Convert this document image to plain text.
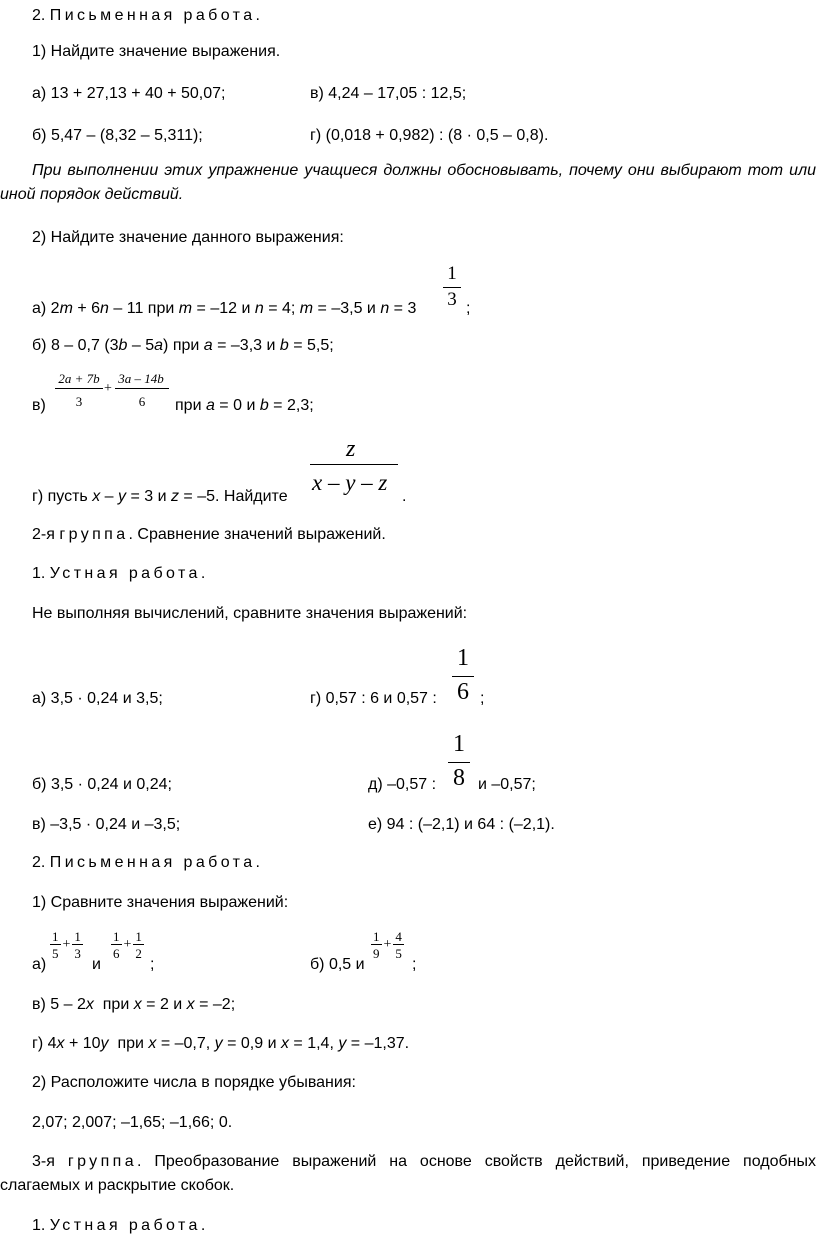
2. Письменная работа.
1) Найдите значение выражения.
а) 13 + 27,13 + 40 + 50,07;	в) 4,24 – 17,05 : 12,5;
б) 5,47 – (8,32 – 5,311);	г) (0,018 + 0,982) : (8 · 0,5 – 0,8).
При выполнении этих упражнение учащиеся должны обосновывать, почему они выбирают тот или иной порядок действий.
2) Найдите значение данного выражения:
а) 2m + 6n – 11 при m = –12 и n = 4; m = –3,5 и $n = 3 \frac{1}{3}$ ;
б) 8 – 0,7 (3b – 5a) при a = –3,3 и b = 5,5;
в)
2a + 7b
3
+
3a – 14b
6	при a = 0 и b = 2,3;
г) пусть x – y = 3 и z = –5. Найдите
z
x – y – z
.
2-я группа. Сравнение значений выражений.
1. Устная работа.
Не выполняя вычислений, сравните значения выражений:
а) 3,5 · 0,24 и 3,5;	г) 0,57 : 6 и 0,57 : $\frac{1}{6}$ ;
б) 3,5 · 0,24 и 0,24;	д) –0,57 : $\frac{1}{8}$ и –0,57;
в) –3,5 · 0,24 и –3,5;	е) 94 : (–2,1) и 64 : (–2,1).
2. Письменная работа.
1) Сравните значения выражений:
а)
$\frac{1}{5} + \frac{1}{3}$
и
$\frac{1}{6} + \frac{1}{2}$
;	б) 0,5 и
$\frac{1}{9} + \frac{4}{5}$
;
в) 5 – 2x  при x = 2 и x = –2;
г) 4x + 10y  при x = –0,7, y = 0,9 и x = 1,4, y = –1,37.
2) Расположите числа в порядке убывания:
2,07; 2,007; –1,65; –1,66; 0.
3-я группа. Преобразование выражений на основе свойств действий, приведение подобных слагаемых и раскрытие скобок.
1. Устная работа.
